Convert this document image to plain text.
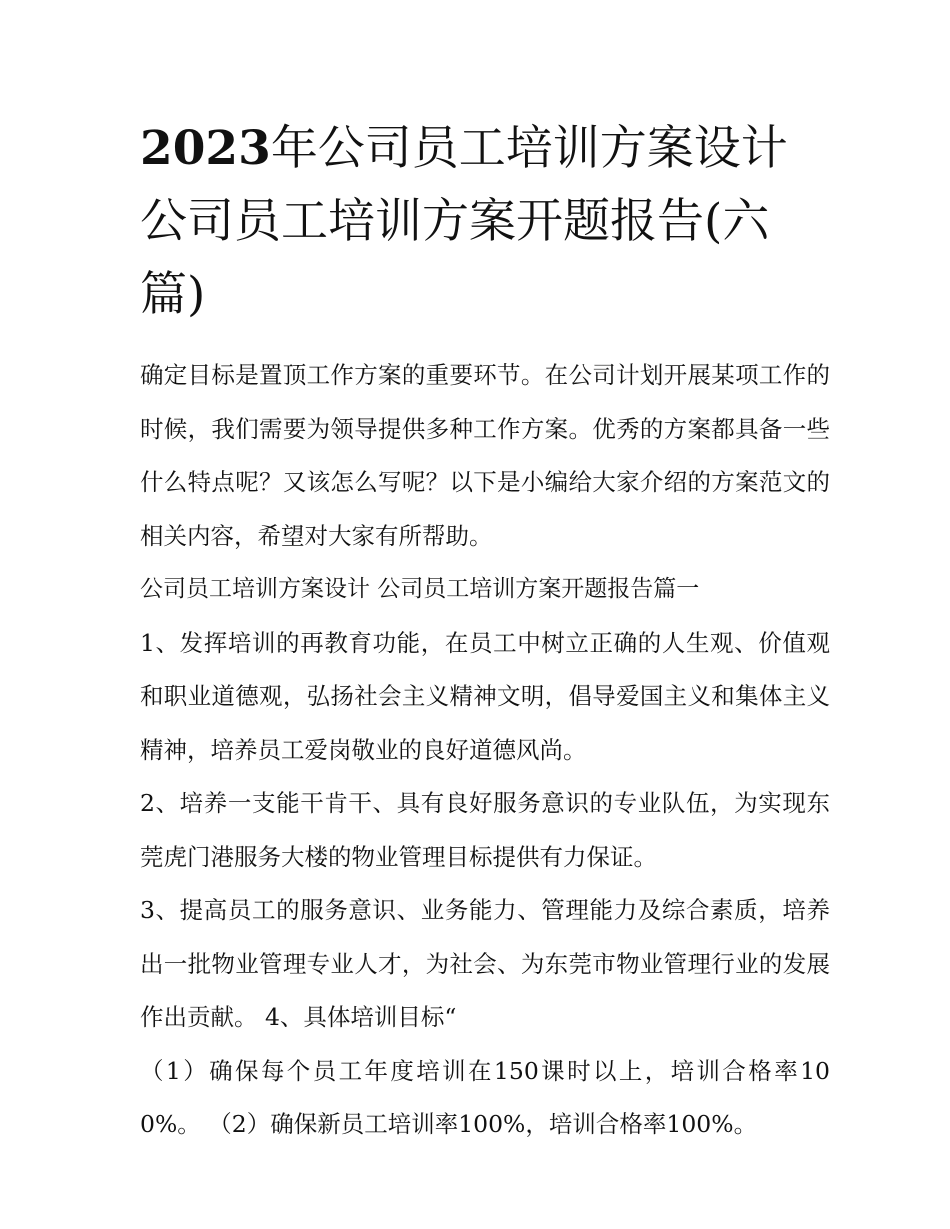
2023年公司员工培训方案设计公司员工培训方案开题报告(六篇)

确定目标是置顶工作方案的重要环节。在公司计划开展某项工作的时候，我们需要为领导提供多种工作方案。优秀的方案都具备一些什么特点呢？又该怎么写呢？以下是小编给大家介绍的方案范文的相关内容，希望对大家有所帮助。

公司员工培训方案设计 公司员工培训方案开题报告篇一

1、发挥培训的再教育功能，在员工中树立正确的人生观、价值观和职业道德观，弘扬社会主义精神文明，倡导爱国主义和集体主义精神，培养员工爱岗敬业的良好道德风尚。

2、培养一支能干肯干、具有良好服务意识的专业队伍，为实现东莞虎门港服务大楼的物业管理目标提供有力保证。

3、提高员工的服务意识、业务能力、管理能力及综合素质，培养出一批物业管理专业人才，为社会、为东莞市物业管理行业的发展作出贡献。 4、具体培训目标“

（1）确保每个员工年度培训在150课时以上，培训合格率100%。 （2）确保新员工培训率100%，培训合格率100%。
